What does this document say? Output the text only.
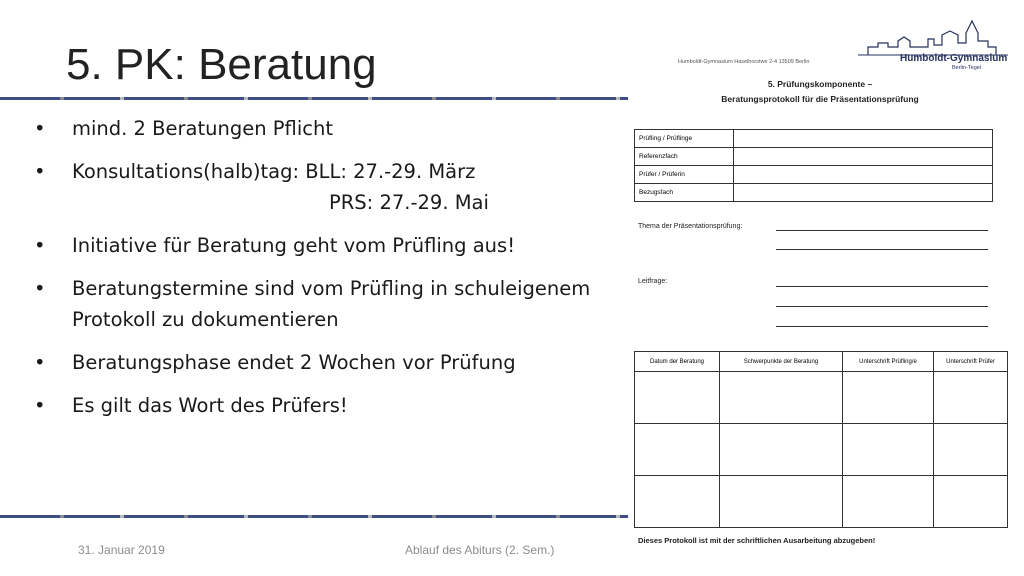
5. PK: Beratung
• mind. 2 Beratungen Pflicht
• Konsultations(halb)tag: BLL: 27.-29. März
PRS: 27.-29. Mai
• Initiative für Beratung geht vom Prüfling aus!
• Beratungstermine sind vom Prüfling in schuleigenem Protokoll zu dokumentieren
• Beratungsphase endet 2 Wochen vor Prüfung
• Es gilt das Wort des Prüfers!
31. Januar 2019	Ablauf des Abiturs (2. Sem.)
Humboldt-Gymnasium Haselhorstwe 2-4 13509 Berlin	Humboldt-Gymnasium
Berlin-Tegel
5. Prüfungskomponente –
Beratungsprotokoll für die Präsentationsprüfung
Prüfling / Prüflinge	
Referenzfach	
Prüfer / Prüferin	
Bezugsfach	
Thema der Präsentationsprüfung:
Leitfrage:
Datum der Beratung	Schwerpunkte der Beratung	Unterschrift Prüfling/e	Unterschrift Prüfer

Dieses Protokoll ist mit der schriftlichen Ausarbeitung abzugeben!
